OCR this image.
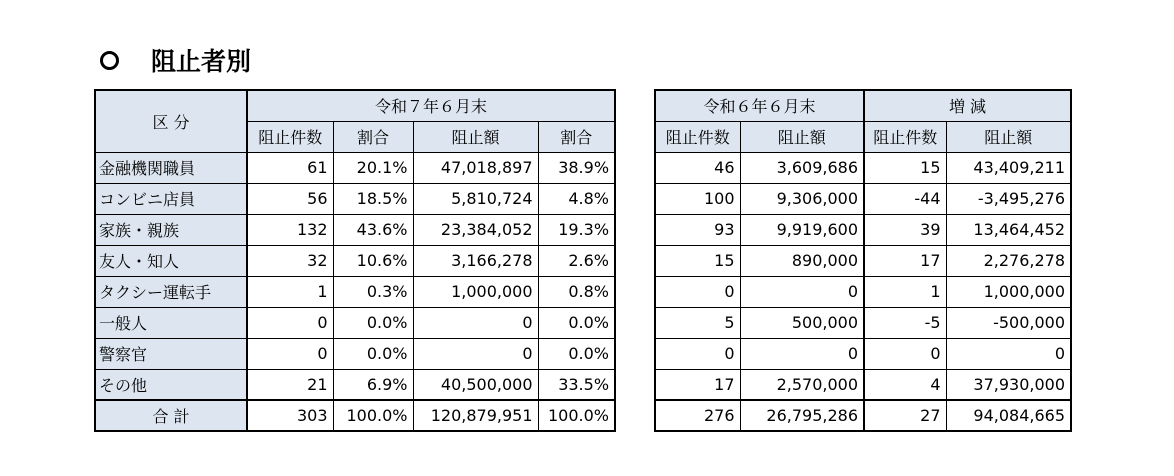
阻止者別
区 分	令和７年６月末			
	阻止件数	割合	阻止額	割合
金融機関職員	61	20.1%	47,018,897	38.9%
コンビニ店員	56	18.5%	5,810,724	4.8%
家族・親族	132	43.6%	23,384,052	19.3%
友人・知人	32	10.6%	3,166,278	2.6%
タクシー運転手	1	0.3%	1,000,000	0.8%
一般人	0	0.0%	0	0.0%
警察官	0	0.0%	0	0.0%
その他	21	6.9%	40,500,000	33.5%
合 計	303	100.0%	120,879,951	100.0%
令和６年６月末		増 減	
阻止件数	阻止額	阻止件数	阻止額
46	3,609,686	15	43,409,211
100	9,306,000	-44	-3,495,276
93	9,919,600	39	13,464,452
15	890,000	17	2,276,278
0	0	1	1,000,000
5	500,000	-5	-500,000
0	0	0	0
17	2,570,000	4	37,930,000
276	26,795,286	27	94,084,665
